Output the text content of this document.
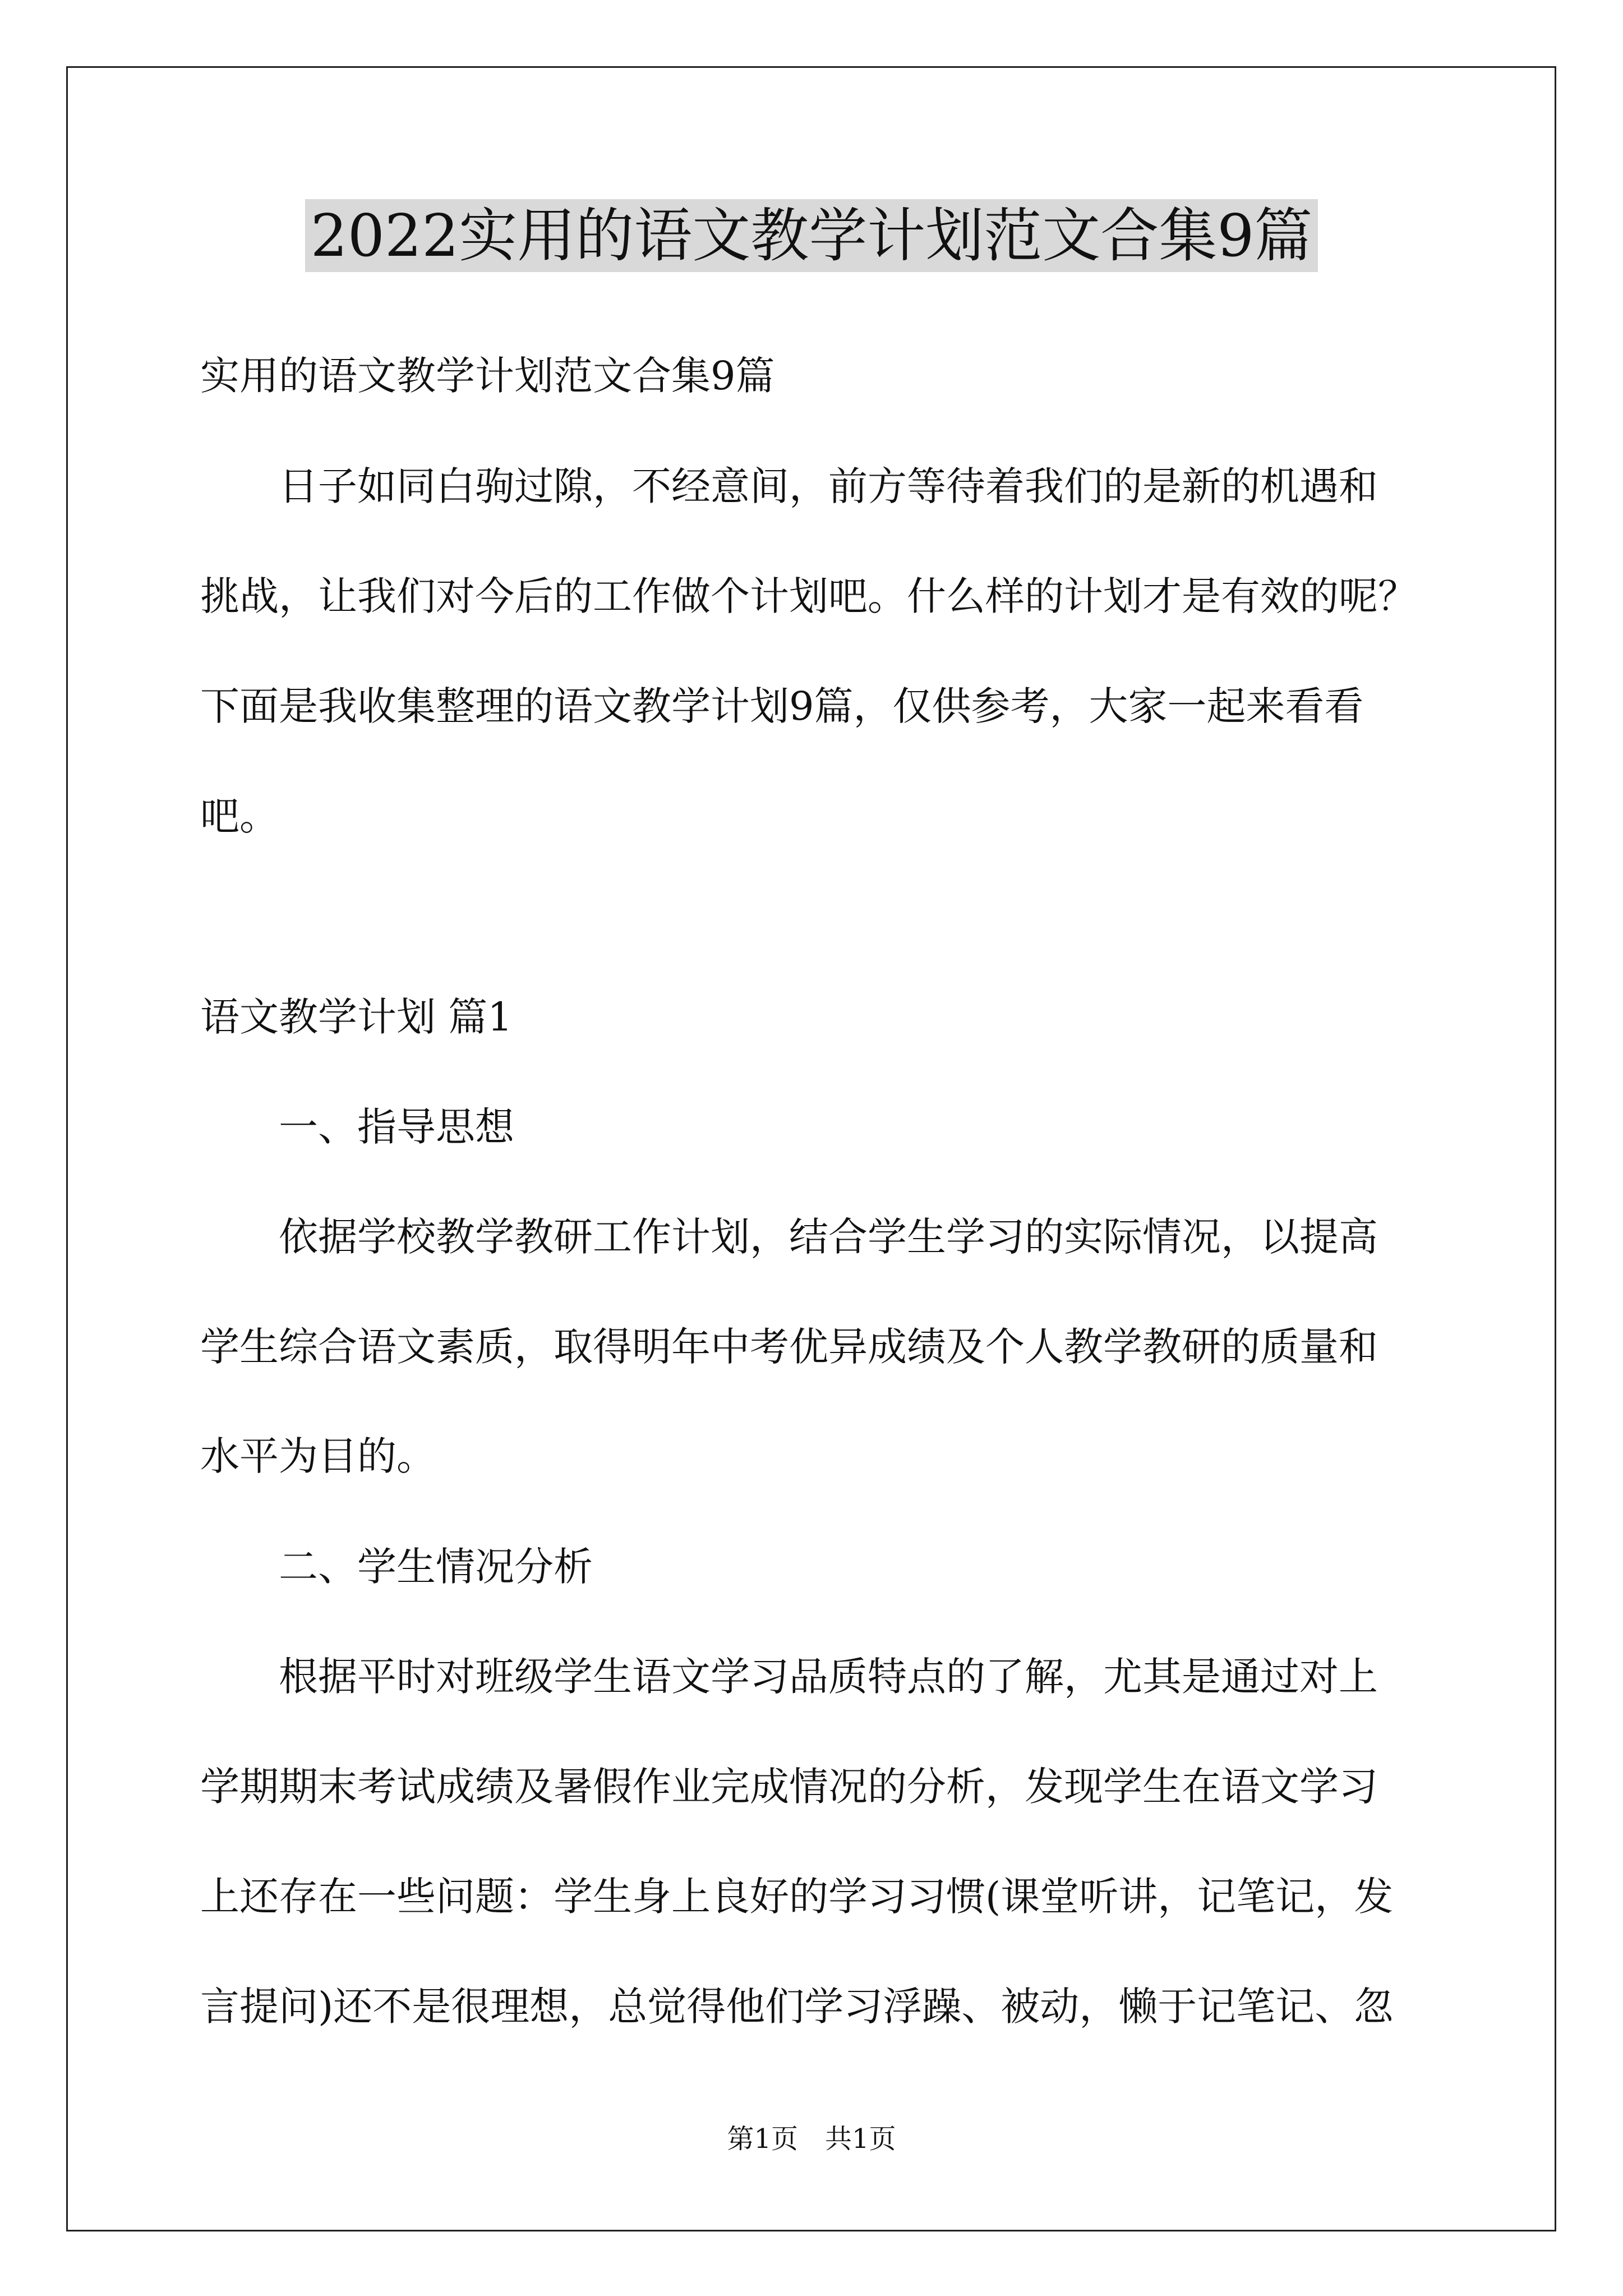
2022实用的语文教学计划范文合集9篇

实用的语文教学计划范文合集9篇

日子如同白驹过隙，不经意间，前方等待着我们的是新的机遇和

挑战，让我们对今后的工作做个计划吧。什么样的计划才是有效的呢？

下面是我收集整理的语文教学计划9篇，仅供参考，大家一起来看看

吧。

语文教学计划 篇1

一、指导思想

依据学校教学教研工作计划，结合学生学习的实际情况，以提高

学生综合语文素质，取得明年中考优异成绩及个人教学教研的质量和

水平为目的。

二、学生情况分析

根据平时对班级学生语文学习品质特点的了解，尤其是通过对上

学期期末考试成绩及暑假作业完成情况的分析，发现学生在语文学习

上还存在一些问题：学生身上良好的学习习惯(课堂听讲，记笔记，发

言提问)还不是很理想，总觉得他们学习浮躁、被动，懒于记笔记、忽

第1页　共1页
